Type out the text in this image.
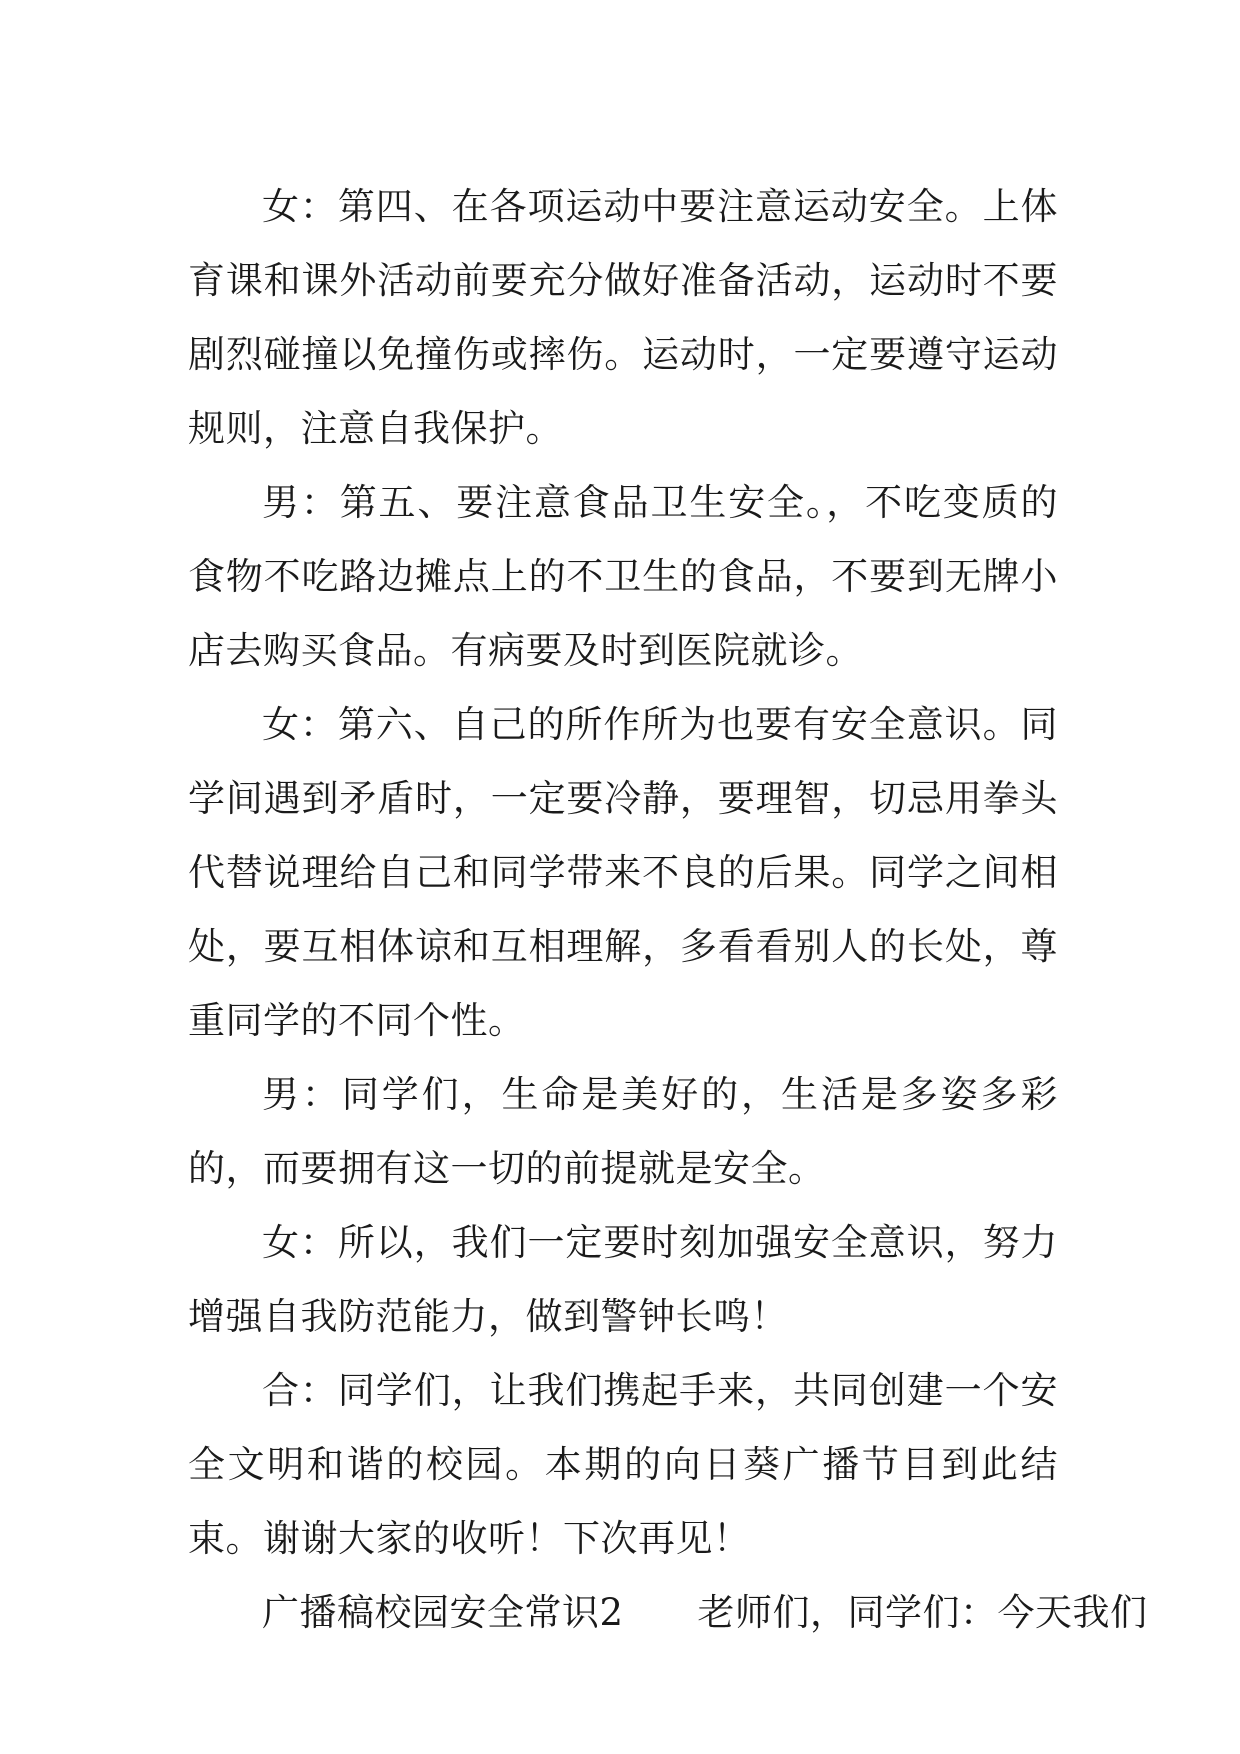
女：第四、在各项运动中要注意运动安全。上体育课和课外活动前要充分做好准备活动，运动时不要剧烈碰撞以免撞伤或摔伤。运动时，一定要遵守运动规则，注意自我保护。

男：第五、要注意食品卫生安全。，不吃变质的食物不吃路边摊点上的不卫生的食品，不要到无牌小店去购买食品。有病要及时到医院就诊。

女：第六、自己的所作所为也要有安全意识。同学间遇到矛盾时，一定要冷静，要理智，切忌用拳头代替说理给自己和同学带来不良的后果。同学之间相处，要互相体谅和互相理解，多看看别人的长处，尊重同学的不同个性。

男：同学们，生命是美好的，生活是多姿多彩的，而要拥有这一切的前提就是安全。

女：所以，我们一定要时刻加强安全意识，努力增强自我防范能力，做到警钟长鸣！

合：同学们，让我们携起手来，共同创建一个安全文明和谐的校园。本期的向日葵广播节目到此结束。谢谢大家的收听！下次再见！

广播稿校园安全常识2 老师们，同学们：今天我们
